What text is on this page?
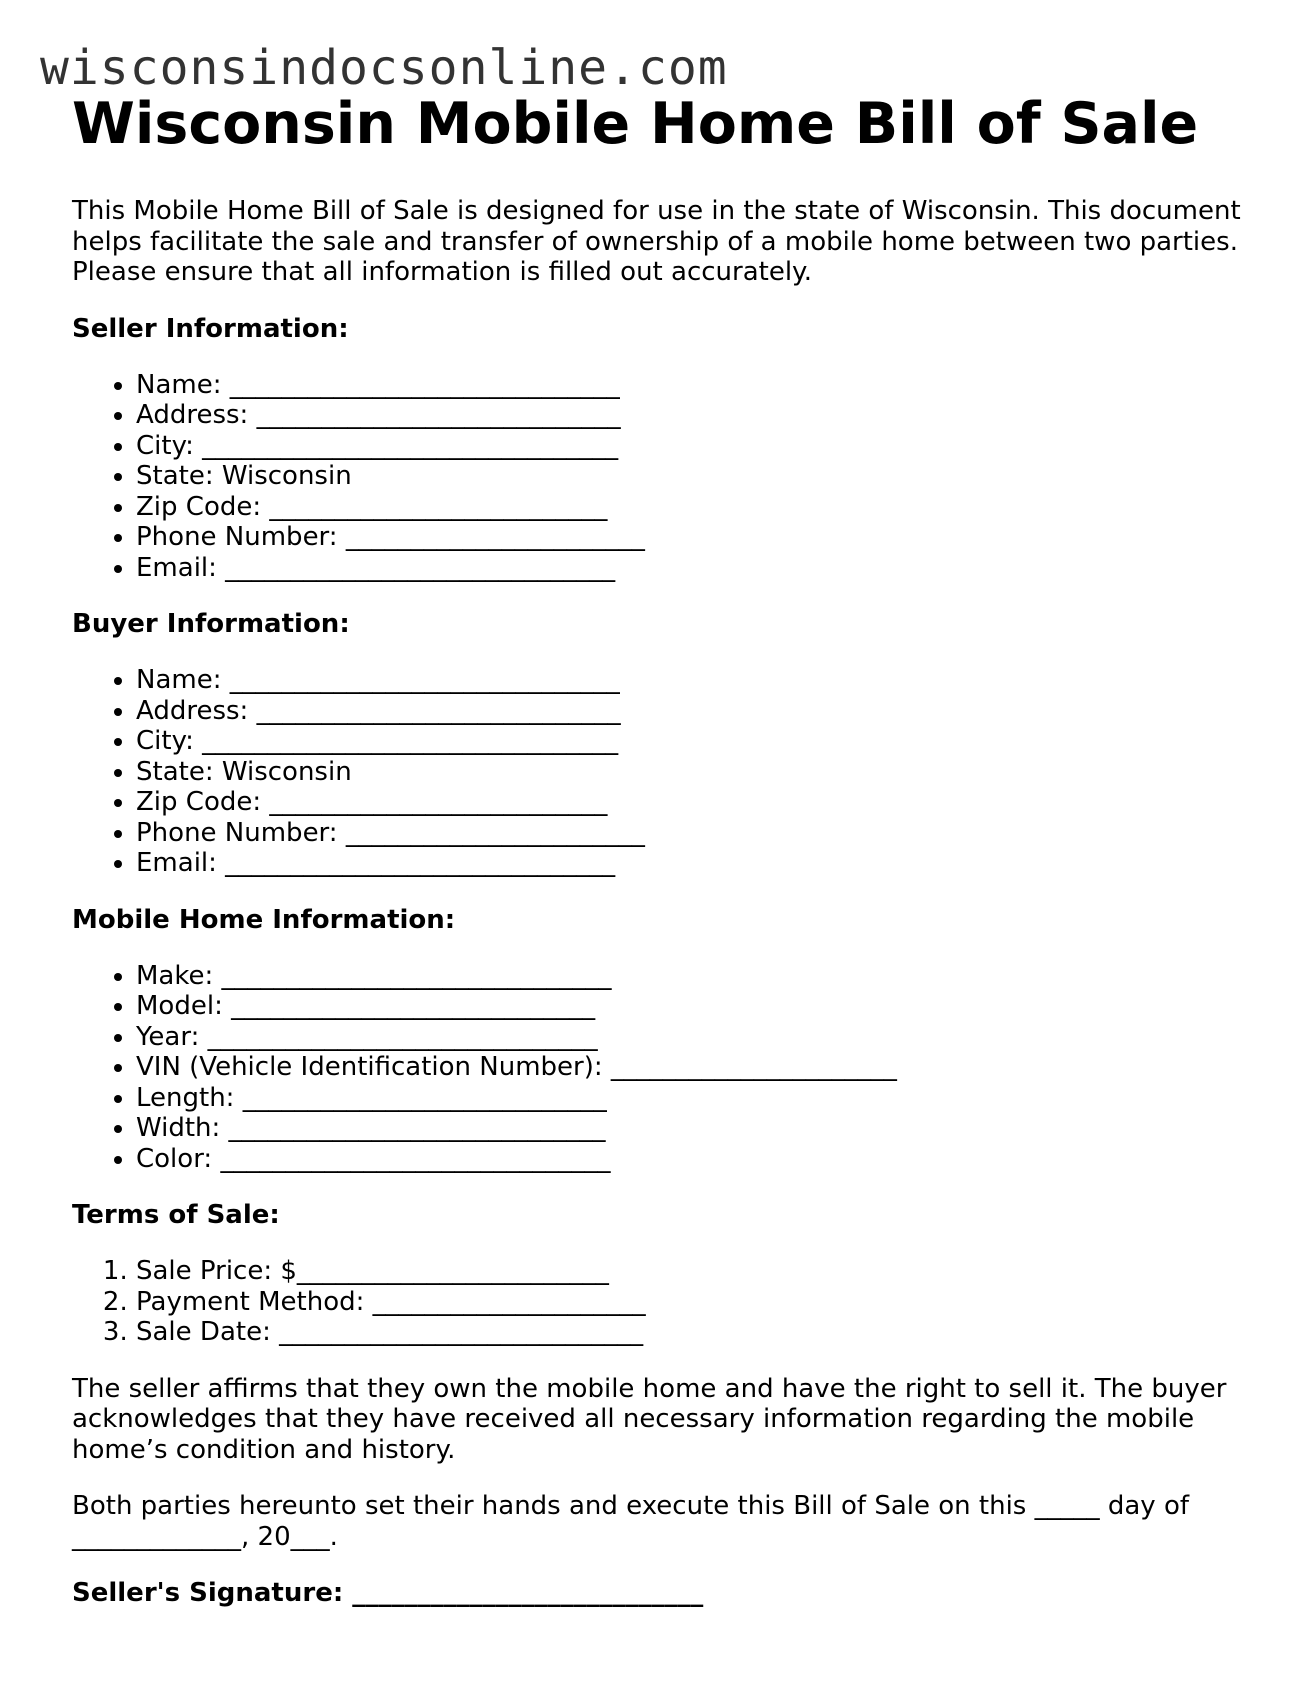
wisconsindocsonline.com
Wisconsin Mobile Home Bill of Sale

This Mobile Home Bill of Sale is designed for use in the state of Wisconsin. This document helps facilitate the sale and transfer of ownership of a mobile home between two parties. Please ensure that all information is filled out accurately.

Seller Information:

• Name: ______________________________
• Address: ____________________________
• City: ________________________________
• State: Wisconsin
• Zip Code: __________________________
• Phone Number: _______________________
• Email: ______________________________

Buyer Information:

• Name: ______________________________
• Address: ____________________________
• City: ________________________________
• State: Wisconsin
• Zip Code: __________________________
• Phone Number: _______________________
• Email: ______________________________

Mobile Home Information:

• Make: ______________________________
• Model: ____________________________
• Year: ______________________________
• VIN (Vehicle Identification Number): ______________________
• Length: ____________________________
• Width: _____________________________
• Color: ______________________________

Terms of Sale:

1. Sale Price: $________________________
2. Payment Method: _____________________
3. Sale Date: ____________________________

The seller affirms that they own the mobile home and have the right to sell it. The buyer acknowledges that they have received all necessary information regarding the mobile home’s condition and history.

Both parties hereunto set their hands and execute this Bill of Sale on this _____ day of _____________, 20___.

Seller's Signature: ___________________________
